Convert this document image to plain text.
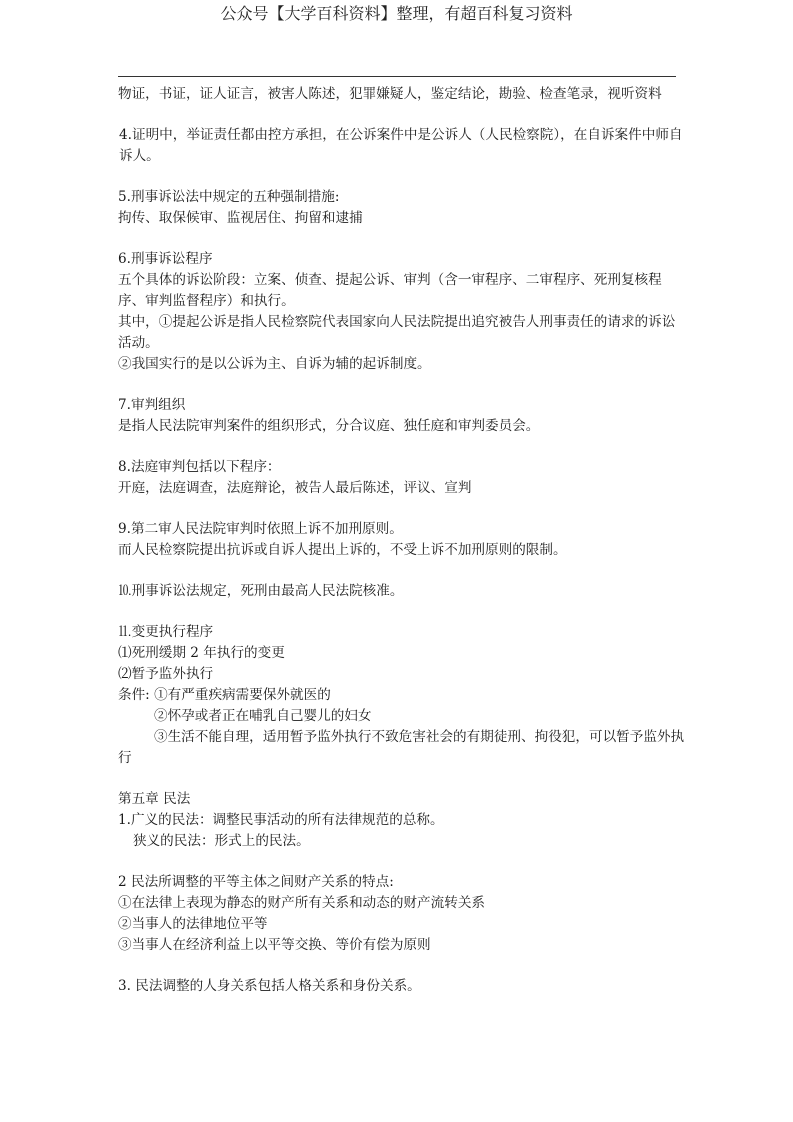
公众号【大学百科资料】整理，有超百科复习资料

物证，书证，证人证言，被害人陈述，犯罪嫌疑人，鉴定结论，勘验、检查笔录，视听资料

4.证明中，举证责任都由控方承担，在公诉案件中是公诉人（人民检察院），在自诉案件中师自诉人。

5.刑事诉讼法中规定的五种强制措施:

拘传、取保候审、监视居住、拘留和逮捕

6.刑事诉讼程序

五个具体的诉讼阶段：立案、侦查、提起公诉、审判（含一审程序、二审程序、死刑复核程序、审判监督程序）和执行。

其中，①提起公诉是指人民检察院代表国家向人民法院提出追究被告人刑事责任的请求的诉讼活动。

②我国实行的是以公诉为主、自诉为辅的起诉制度。

7.审判组织

是指人民法院审判案件的组织形式，分合议庭、独任庭和审判委员会。

8.法庭审判包括以下程序：

开庭，法庭调查，法庭辩论，被告人最后陈述，评议、宣判

9.第二审人民法院审判时依照上诉不加刑原则。

而人民检察院提出抗诉或自诉人提出上诉的，不受上诉不加刑原则的限制。

⒑刑事诉讼法规定，死刑由最高人民法院核准。

⒒变更执行程序

⑴死刑缓期 2 年执行的变更

⑵暂予监外执行

条件: ①有严重疾病需要保外就医的

②怀孕或者正在哺乳自己婴儿的妇女

③生活不能自理，适用暂予监外执行不致危害社会的有期徒刑、拘役犯，可以暂予监外执行

第五章 民法

1.广义的民法：调整民事活动的所有法律规范的总称。

狭义的民法：形式上的民法。

2 民法所调整的平等主体之间财产关系的特点:

①在法律上表现为静态的财产所有关系和动态的财产流转关系

②当事人的法律地位平等

③当事人在经济利益上以平等交换、等价有偿为原则

3. 民法调整的人身关系包括人格关系和身份关系。
